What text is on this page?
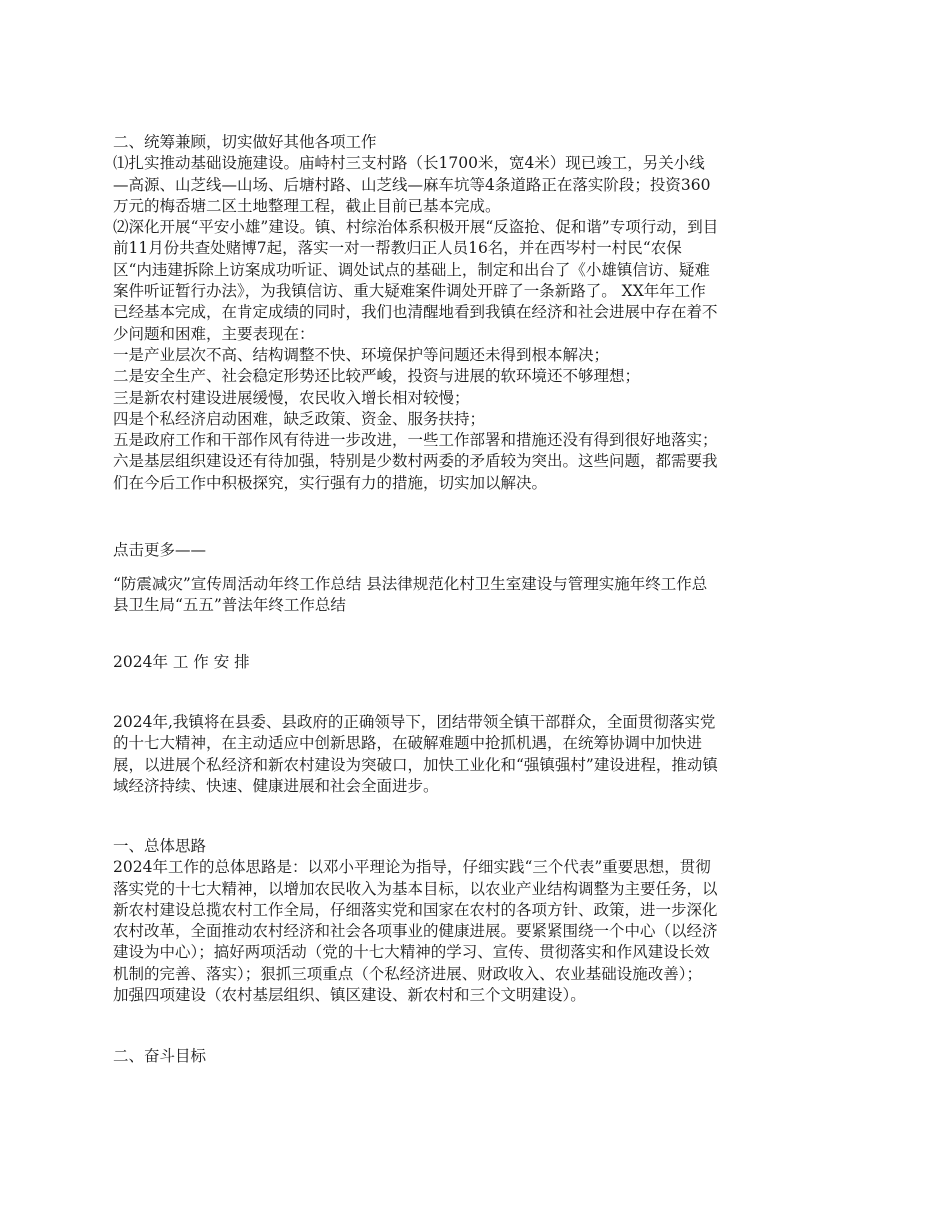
二、统筹兼顾，切实做好其他各项工作
⑴扎实推动基础设施建设。庙峙村三支村路（长1700米，宽4米）现已竣工，另关小线
—高源、山芝线—山场、后塘村路、山芝线—麻车坑等4条道路正在落实阶段；投资360
万元的梅岙塘二区土地整理工程，截止目前已基本完成。
⑵深化开展“平安小雄”建设。镇、村综治体系积极开展“反盗抢、促和谐”专项行动，到目
前11月份共查处赌博7起，落实一对一帮教归正人员16名，并在西岑村一村民“农保
区“内违建拆除上访案成功听证、调处试点的基础上，制定和出台了《小雄镇信访、疑难
案件听证暂行办法》，为我镇信访、重大疑难案件调处开辟了一条新路了。 XX年年工作
已经基本完成，在肯定成绩的同时，我们也清醒地看到我镇在经济和社会进展中存在着不
少问题和困难，主要表现在：
一是产业层次不高、结构调整不快、环境保护等问题还未得到根本解决；
二是安全生产、社会稳定形势还比较严峻，投资与进展的软环境还不够理想；
三是新农村建设进展缓慢，农民收入增长相对较慢；
四是个私经济启动困难，缺乏政策、资金、服务扶持；
五是政府工作和干部作风有待进一步改进，一些工作部署和措施还没有得到很好地落实；
六是基层组织建设还有待加强，特别是少数村两委的矛盾较为突出。这些问题，都需要我
们在今后工作中积极探究，实行强有力的措施，切实加以解决。
点击更多——
“防震减灾”宣传周活动年终工作总结 县法律规范化村卫生室建设与管理实施年终工作总
县卫生局“五五”普法年终工作总结
2024年 工 作 安 排
2024年,我镇将在县委、县政府的正确领导下，团结带领全镇干部群众，全面贯彻落实党
的十七大精神，在主动适应中创新思路，在破解难题中抢抓机遇，在统筹协调中加快进
展，以进展个私经济和新农村建设为突破口，加快工业化和“强镇强村”建设进程，推动镇
域经济持续、快速、健康进展和社会全面进步。
一、总体思路
2024年工作的总体思路是：以邓小平理论为指导，仔细实践“三个代表”重要思想，贯彻
落实党的十七大精神，以增加农民收入为基本目标，以农业产业结构调整为主要任务，以
新农村建设总揽农村工作全局，仔细落实党和国家在农村的各项方针、政策，进一步深化
农村改革，全面推动农村经济和社会各项事业的健康进展。要紧紧围绕一个中心（以经济
建设为中心）；搞好两项活动（党的十七大精神的学习、宣传、贯彻落实和作风建设长效
机制的完善、落实）；狠抓三项重点（个私经济进展、财政收入、农业基础设施改善）；
加强四项建设（农村基层组织、镇区建设、新农村和三个文明建设）。
二、奋斗目标
